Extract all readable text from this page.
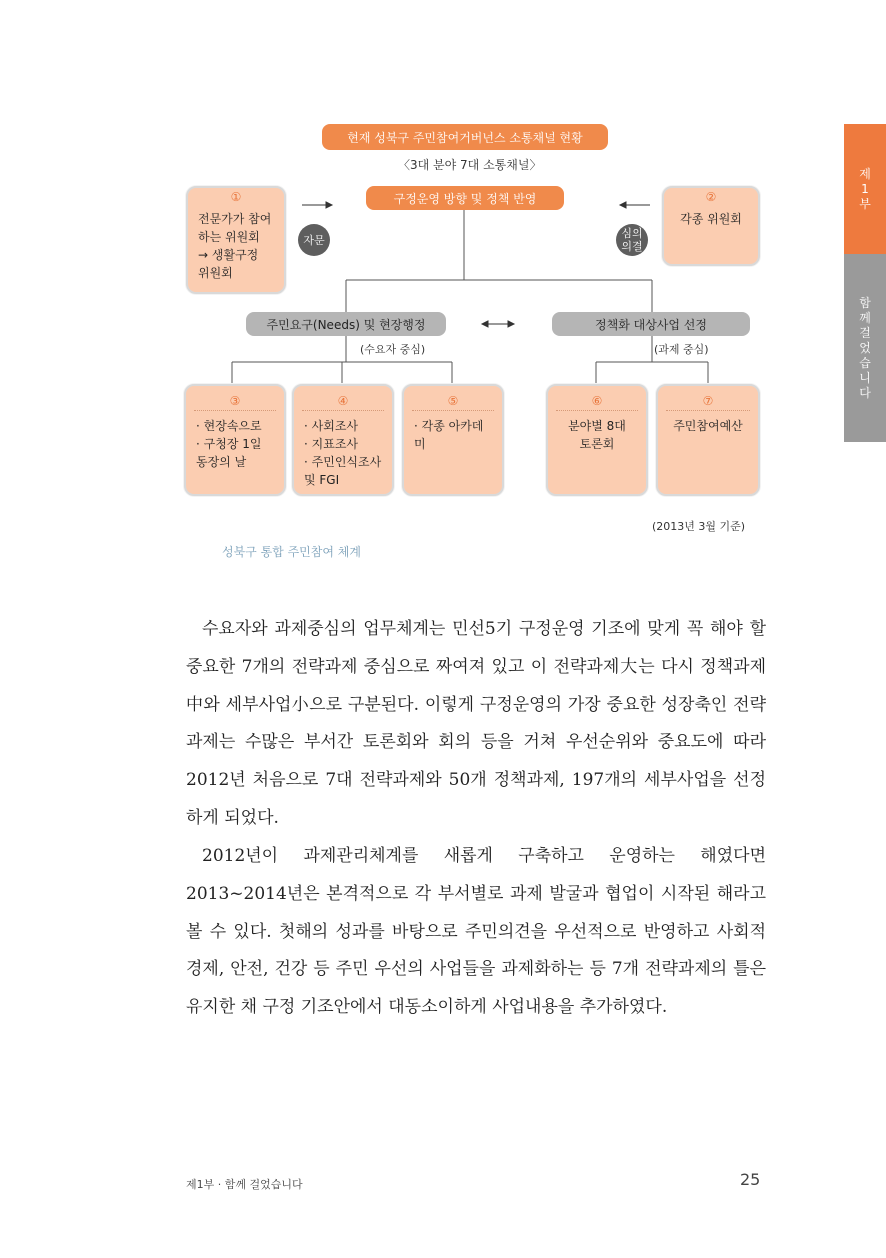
제
1
부
함
께
걸
었
습
니
다
현재 성북구 주민참여거버넌스 소통채널 현황
〈3대 분야 7대 소통채널〉
구정운영 방향 및 정책 반영
①
전문가가 참여
하는 위원회
→ 생활구정
위원회
②
각종 위원회
자문	심의
의결
주민요구(Needs) 및 현장행정
(수요자 중심)
정책화 대상사업 선정
(과제 중심)
③
· 현장속으로
· 구청장 1일
동장의 날
④
· 사회조사
· 지표조사
· 주민인식조사
및 FGI
⑤
· 각종 아카데미
⑥
분야별 8대
토론회
⑦
주민참여예산
(2013년 3월 기준)
성북구 통합 주민참여 체계
수요자와 과제중심의 업무체계는 민선5기 구정운영 기조에 맞게 꼭 해야 할 중요한 7개의 전략과제 중심으로 짜여져 있고 이 전략과제大는 다시 정책과제中와 세부사업小으로 구분된다. 이렇게 구정운영의 가장 중요한 성장축인 전략과제는 수많은 부서간 토론회와 회의 등을 거쳐 우선순위와 중요도에 따라 2012년 처음으로 7대 전략과제와 50개 정책과제, 197개의 세부사업을 선정하게 되었다.
2012년이 과제관리체계를 새롭게 구축하고 운영하는 해였다면 2013~2014년은 본격적으로 각 부서별로 과제 발굴과 협업이 시작된 해라고 볼 수 있다. 첫해의 성과를 바탕으로 주민의견을 우선적으로 반영하고 사회적 경제, 안전, 건강 등 주민 우선의 사업들을 과제화하는 등 7개 전략과제의 틀은 유지한 채 구정 기조안에서 대동소이하게 사업내용을 추가하였다.
제1부 · 함께 걸었습니다	25
